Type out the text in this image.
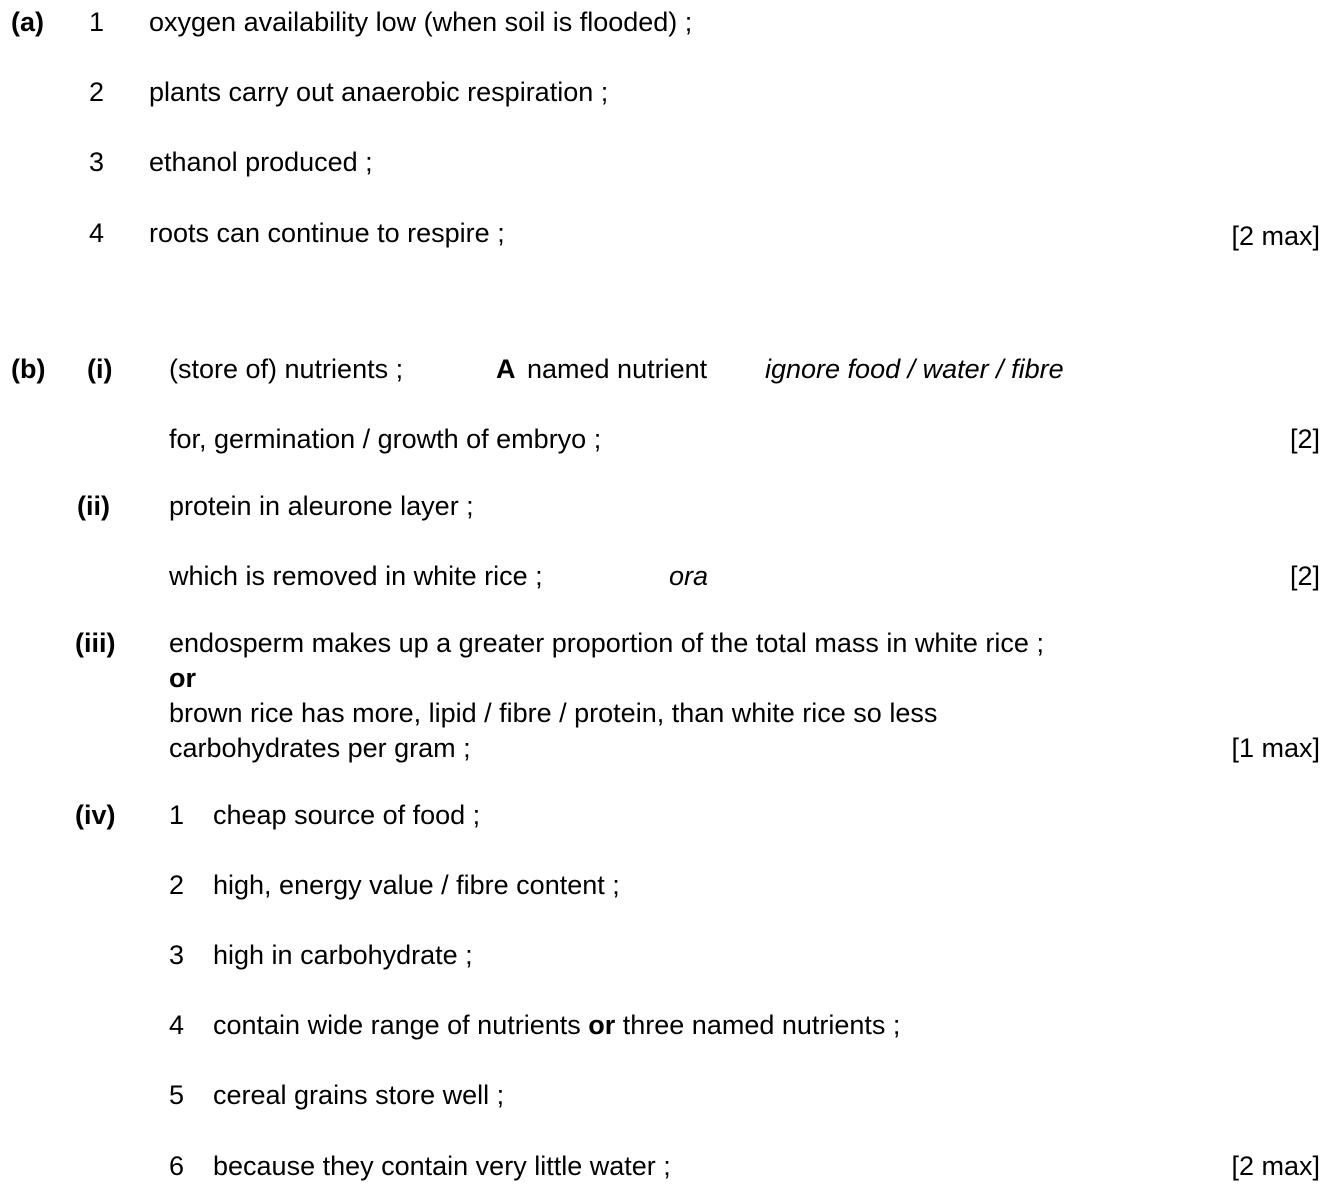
(a) 1 oxygen availability low (when soil is flooded) ;
2 plants carry out anaerobic respiration ;
3 ethanol produced ;
4 roots can continue to respire ;	[2 max]
(b) (i) (store of) nutrients ;	A named nutrient ignore food / water / fibre
for, germination / growth of embryo ;	[2]
(ii) protein in aleurone layer ;
which is removed in white rice ;	ora	[2]
(iii) endosperm makes up a greater proportion of the total mass in white rice ;
or
brown rice has more, lipid / fibre / protein, than white rice so less
carbohydrates per gram ;	[1 max]
(iv) 1 cheap source of food ;
2 high, energy value / fibre content ;
3 high in carbohydrate ;
4 contain wide range of nutrients or three named nutrients ;
5 cereal grains store well ;
6 because they contain very little water ;	[2 max]
